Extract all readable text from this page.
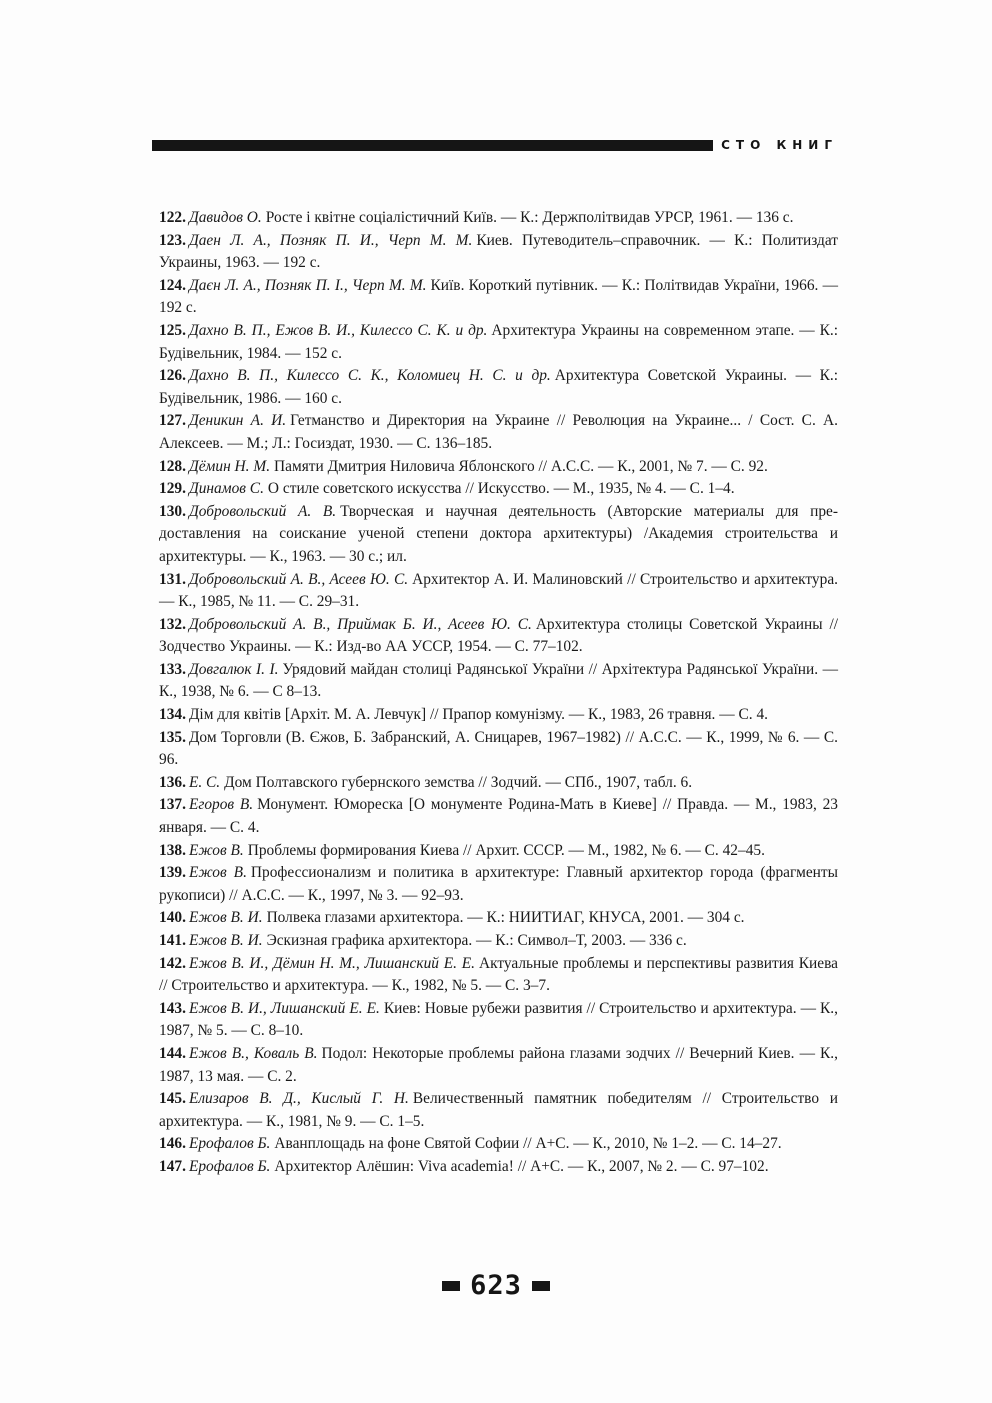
СТО КНИГ
122. Давидов О. Росте і квітне соціалістичний Київ. — К.: Держполітвидав УРСР, 1961. — 136 с.
123. Даен Л. А., Позняк П. И., Черп М. М. Киев. Путеводитель–справочник. — К.: Политиздат Украины, 1963. — 192 с.
124. Даєн Л. А., Позняк П. І., Черп М. М. Київ. Короткий путівник. — К.: Політвидав України, 1966. — 192 с.
125. Дахно В. П., Ежов В. И., Килессо С. К. и др. Архитектура Украины на современном этапе. — К.: Будівельник, 1984. — 152 с.
126. Дахно В. П., Килессо С. К., Коломиец Н. С. и др. Архитектура Советской Украины. — К.: Будівельник, 1986. — 160 с.
127. Деникин А. И. Гетманство и Директория на Украине // Революция на Украине... / Сост. С. А. Алексеев. — М.; Л.: Госиздат, 1930. — С. 136–185.
128. Дёмин Н. М. Памяти Дмитрия Ниловича Яблонского // А.С.С. — К., 2001, № 7. — С. 92.
129. Динамов С. О стиле советского искусства // Искусство. — М., 1935, № 4. — С. 1–4.
130. Добровольский А. В. Творческая и научная деятельность (Авторские материалы для предоставления на соискание ученой степени доктора архитектуры) /Академия строительства и архитектуры. — К., 1963. — 30 с.; ил.
131. Добровольский А. В., Асеев Ю. С. Архитектор А. И. Малиновский // Строительство и архитектура. — К., 1985, № 11. — С. 29–31.
132. Добровольский А. В., Приймак Б. И., Асеев Ю. С. Архитектура столицы Советской Украины // Зодчество Украины. — К.: Изд-во АА УССР, 1954. — С. 77–102.
133. Довгалюк І. І. Урядовий майдан столиці Радянської України // Архітектура Радянської України. — К., 1938, № 6. — С 8–13.
134. Дім для квітів [Архіт. М. А. Левчук] // Прапор комунізму. — К., 1983, 26 травня. — С. 4.
135. Дом Торговли (В. Єжов, Б. Забранский, А. Сницарев, 1967–1982) // А.С.С. — К., 1999, № 6. — С. 96.
136. Е. С. Дом Полтавского губернского земства // Зодчий. — СПб., 1907, табл. 6.
137. Егоров В. Монумент. Юмореска [О монументе Родина-Мать в Киеве] // Правда. — М., 1983, 23 января. — С. 4.
138. Ежов В. Проблемы формирования Киева // Архит. СССР. — М., 1982, № 6. — С. 42–45.
139. Ежов В. Профессионализм и политика в архитектуре: Главный архитектор города (фрагменты рукописи) // А.С.С. — К., 1997, № 3. — 92–93.
140. Ежов В. И. Полвека глазами архитектора. — К.: НИИТИАГ, КНУСА, 2001. — 304 с.
141. Ежов В. И. Эскизная графика архитектора. — К.: Символ–Т, 2003. — 336 с.
142. Ежов В. И., Дёмин Н. М., Лишанский Е. Е. Актуальные проблемы и перспективы развития Киева // Строительство и архитектура. — К., 1982, № 5. — С. 3–7.
143. Ежов В. И., Лишанский Е. Е. Киев: Новые рубежи развития // Строительство и архитектура. — К., 1987, № 5. — С. 8–10.
144. Ежов В., Коваль В. Подол: Некоторые проблемы района глазами зодчих // Вечерний Киев. — К., 1987, 13 мая. — С. 2.
145. Елизаров В. Д., Кислый Г. Н. Величественный памятник победителям // Строительство и архитектура. — К., 1981, № 9. — С. 1–5.
146. Ерофалов Б. Аванплощадь на фоне Святой Софии // А+С. — К., 2010, № 1–2. — С. 14–27.
147. Ерофалов Б. Архитектор Алёшин: Viva academia! // А+С. — К., 2007, № 2. — С. 97–102.
623
